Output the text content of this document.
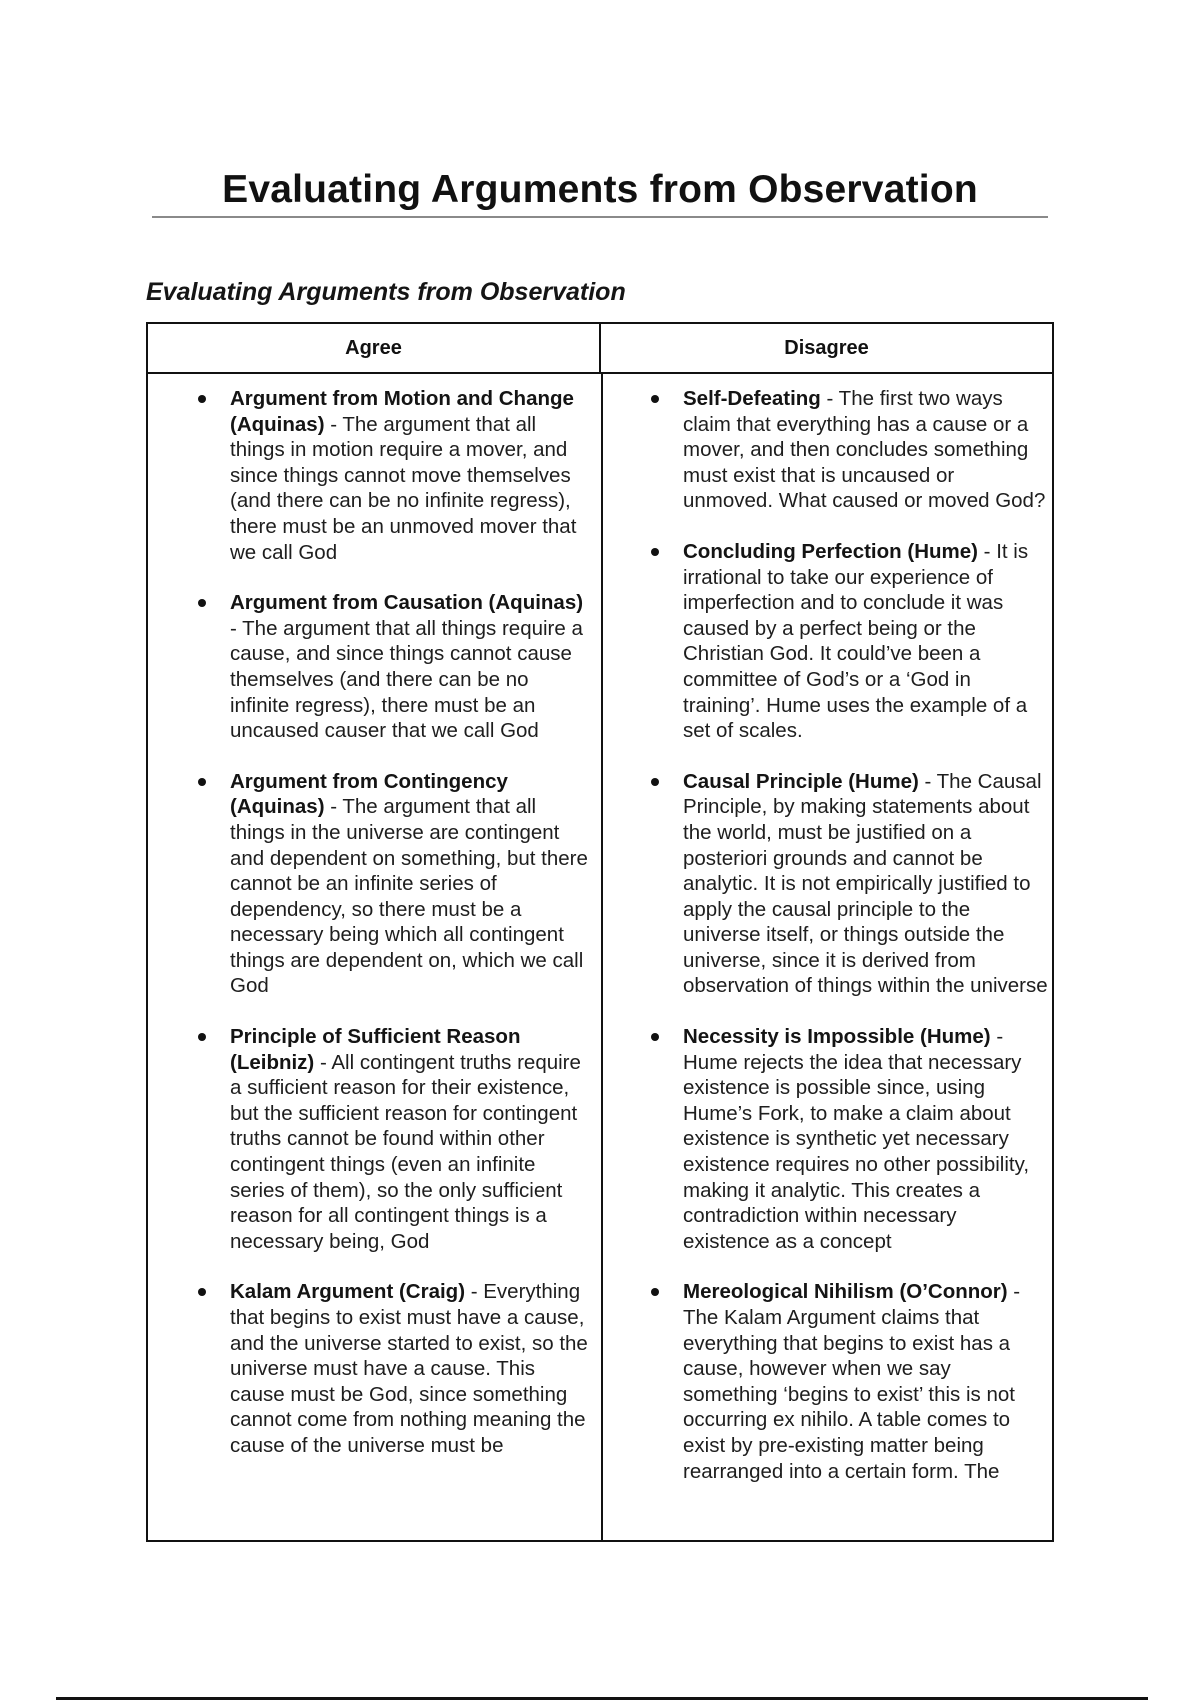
Evaluating Arguments from Observation
Evaluating Arguments from Observation
Agree	Disagree
Argument from Motion and Change (Aquinas) - The argument that all things in motion require a mover, and since things cannot move themselves (and there can be no infinite regress), there must be an unmoved mover that we call God
Argument from Causation (Aquinas) - The argument that all things require a cause, and since things cannot cause themselves (and there can be no infinite regress), there must be an uncaused causer that we call God
Argument from Contingency (Aquinas) - The argument that all things in the universe are contingent and dependent on something, but there cannot be an infinite series of dependency, so there must be a necessary being which all contingent things are dependent on, which we call God
Principle of Sufficient Reason (Leibniz) - All contingent truths require a sufficient reason for their existence, but the sufficient reason for contingent truths cannot be found within other contingent things (even an infinite series of them), so the only sufficient reason for all contingent things is a necessary being, God
Kalam Argument (Craig) - Everything that begins to exist must have a cause, and the universe started to exist, so the universe must have a cause. This cause must be God, since something cannot come from nothing meaning the cause of the universe must be
Self-Defeating - The first two ways claim that everything has a cause or a mover, and then concludes something must exist that is uncaused or unmoved. What caused or moved God?
Concluding Perfection (Hume) - It is irrational to take our experience of imperfection and to conclude it was caused by a perfect being or the Christian God. It could’ve been a committee of God’s or a ‘God in training’. Hume uses the example of a set of scales.
Causal Principle (Hume) - The Causal Principle, by making statements about the world, must be justified on a posteriori grounds and cannot be analytic. It is not empirically justified to apply the causal principle to the universe itself, or things outside the universe, since it is derived from observation of things within the universe
Necessity is Impossible (Hume) - Hume rejects the idea that necessary existence is possible since, using Hume’s Fork, to make a claim about existence is synthetic yet necessary existence requires no other possibility, making it analytic. This creates a contradiction within necessary existence as a concept
Mereological Nihilism (O’Connor) - The Kalam Argument claims that everything that begins to exist has a cause, however when we say something ‘begins to exist’ this is not occurring ex nihilo. A table comes to exist by pre-existing matter being rearranged into a certain form. The
